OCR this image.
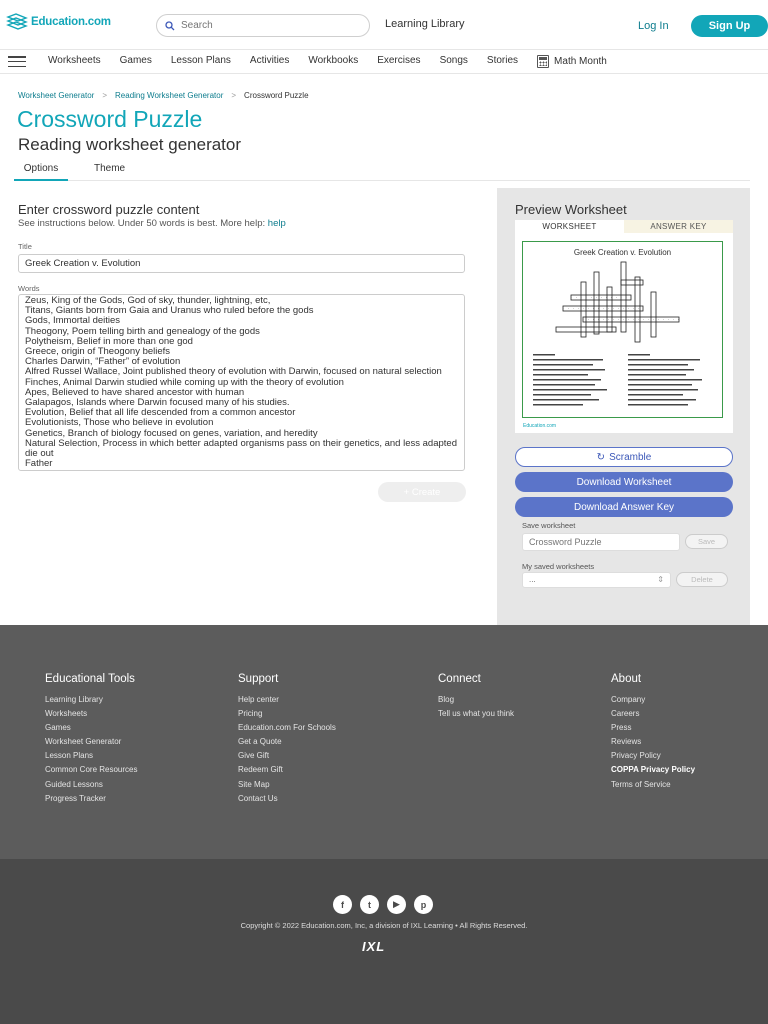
Education.com
Search	Learning Library	Log In	Sign Up
Worksheets Games Lesson Plans Activities Workbooks Exercises Songs Stories	Math Month
Worksheet Generator > Reading Worksheet Generator > Crossword Puzzle
Crossword Puzzle
Reading worksheet generator
Options	Theme
Enter crossword puzzle content
See instructions below. Under 50 words is best. More help: help
Title
Greek Creation v. Evolution
Words
Zeus, King of the Gods, God of sky, thunder, lightning, etc,
Titans, Giants born from Gaia and Uranus who ruled before the gods
Gods, Immortal deities
Theogony, Poem telling birth and genealogy of the gods
Polytheism, Belief in more than one god
Greece, origin of Theogony beliefs
Charles Darwin, “Father” of evolution
Alfred Russel Wallace, Joint published theory of evolution with Darwin, focused on natural selection
Finches, Animal Darwin studied while coming up with the theory of evolution
Apes, Believed to have shared ancestor with human
Galapagos, Islands where Darwin focused many of his studies.
Evolution, Belief that all life descended from a common ancestor
Evolutionists, Those who believe in evolution
Genetics, Branch of biology focused on genes, variation, and heredity
Natural Selection, Process in which better adapted organisms pass on their genetics, and less adapted die out
Father
+ Create
Preview Worksheet
WORKSHEET	ANSWER KEY
Greek Creation v. Evolution
Education.com
↻ Scramble
Download Worksheet
Download Answer Key
Save worksheet
Crossword Puzzle
Save
My saved worksheets
...	⇕	Delete
Educational Tools
Learning Library
Worksheets
Games
Worksheet Generator
Lesson Plans
Common Core Resources
Guided Lessons
Progress Tracker
Support
Help center
Pricing
Education.com For Schools
Get a Quote
Give Gift
Redeem Gift
Site Map
Contact Us
Connect
Blog
Tell us what you think
About
Company
Careers
Press
Reviews
Privacy Policy
COPPA Privacy Policy
Terms of Service
f	t	▶	p
Copyright © 2022 Education.com, Inc, a division of IXL Learning • All Rights Reserved.
IXL
